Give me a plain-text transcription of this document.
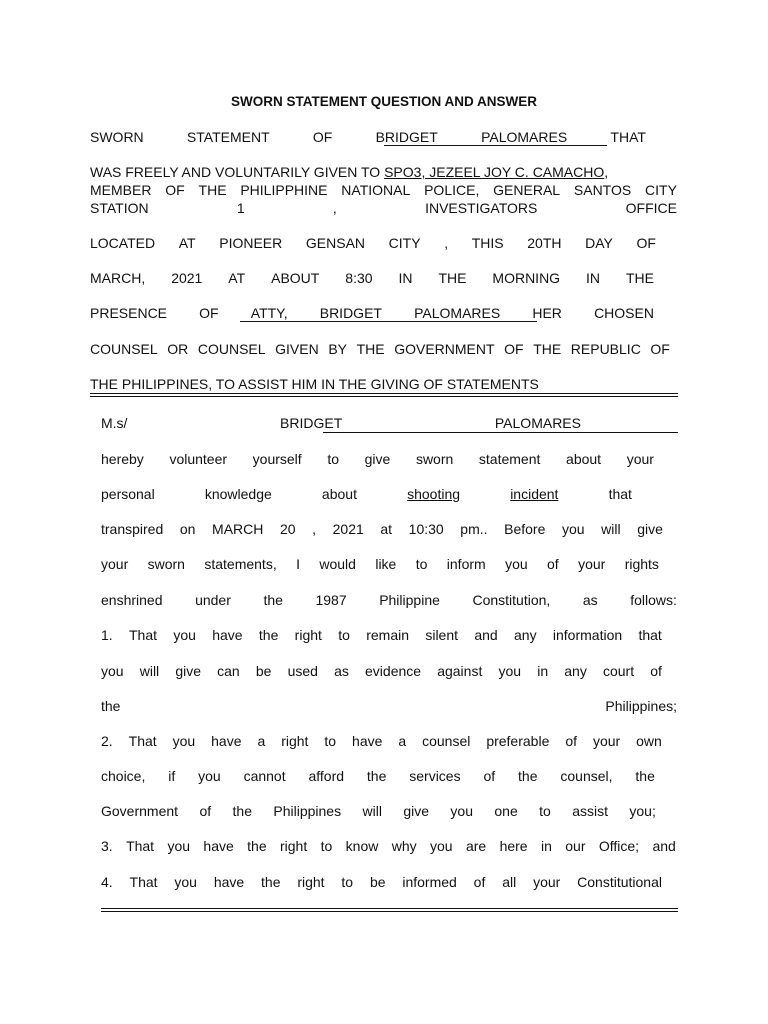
SWORN STATEMENT QUESTION AND ANSWER
SWORN	STATEMENT	OF	BRIDGET	PALOMARES	THAT
WAS FREELY AND VOLUNTARILY GIVEN TO SPO3, JEZEEL JOY C. CAMACHO,
MEMBER OF THE PHILIPPHINE NATIONAL POLICE, GENERAL SANTOS CITY
STATION	1	,	INVESTIGATORS	OFFICE
LOCATED AT PIONEER GENSAN CITY , THIS 20TH DAY OF
MARCH, 2021 AT ABOUT 8:30 IN THE MORNING IN THE
PRESENCE OF ATTY, BRIDGET PALOMARES HER CHOSEN
COUNSEL OR COUNSEL GIVEN BY THE GOVERNMENT OF THE REPUBLIC OF
THE PHILIPPINES, TO ASSIST HIM IN THE GIVING OF STATEMENTS
M.s/	BRIDGET	PALOMARES
hereby volunteer yourself to give sworn statement about your
personal	knowledge	about	shooting	incident	that
transpired on MARCH 20 , 2021 at 10:30 pm.. Before you will give
your sworn statements, I would like to inform you of your rights
enshrined under the 1987 Philippine Constitution, as follows:
1. That you have the right to remain silent and any information that
you will give can be used as evidence against you in any court of
the	Philippines;
2. That you have a right to have a counsel preferable of your own
choice, if you cannot afford the services of the counsel, the
Government of the Philippines will give you one to assist you;
3. That you have the right to know why you are here in our Office; and
4. That you have the right to be informed of all your Constitutional
